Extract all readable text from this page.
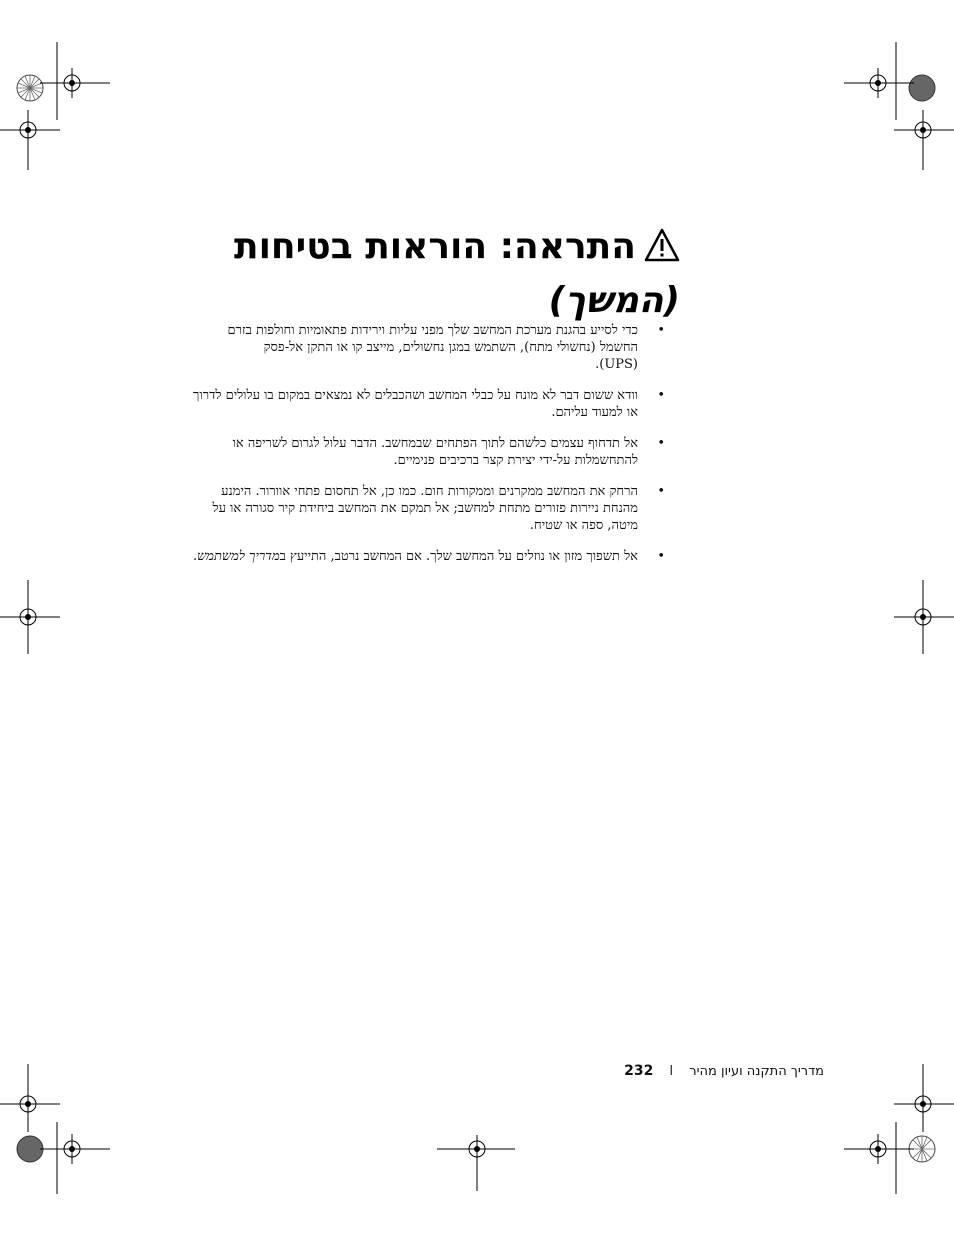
התראה: הוראות בטיחות
(המשך)
•
כדי לסייע בהגנת מערכת המחשב שלך מפני עליות וירידות פתאומיות וחולפות בזרם
החשמל (נחשולי מתח), השתמש במגן נחשולים, מייצב קו או התקן אל-פסק
(UPS).
•
וודא ששום דבר לא מונח על כבלי המחשב ושהכבלים לא נמצאים במקום בו עלולים לדרוך
או למעוד עליהם.
•
אל תדחוף עצמים כלשהם לתוך הפתחים שבמחשב. הדבר עלול לגרום לשריפה או
להתחשמלות על-ידי יצירת קצר ברכיבים פנימיים.
•
הרחק את המחשב ממקרנים וממקורות חום. כמו כן, אל תחסום פתחי אוורור. הימנע
מהנחת ניירות פזורים מתחת למחשב; אל תמקם את המחשב ביחידת קיר סגורה או על
מיטה, ספה או שטיח.
•
אל תשפוך מזון או נוזלים על המחשב שלך. אם המחשב נרטב, התייעץ במדריך למשתמש.
מדריך התקנה ועיון מהירI232
